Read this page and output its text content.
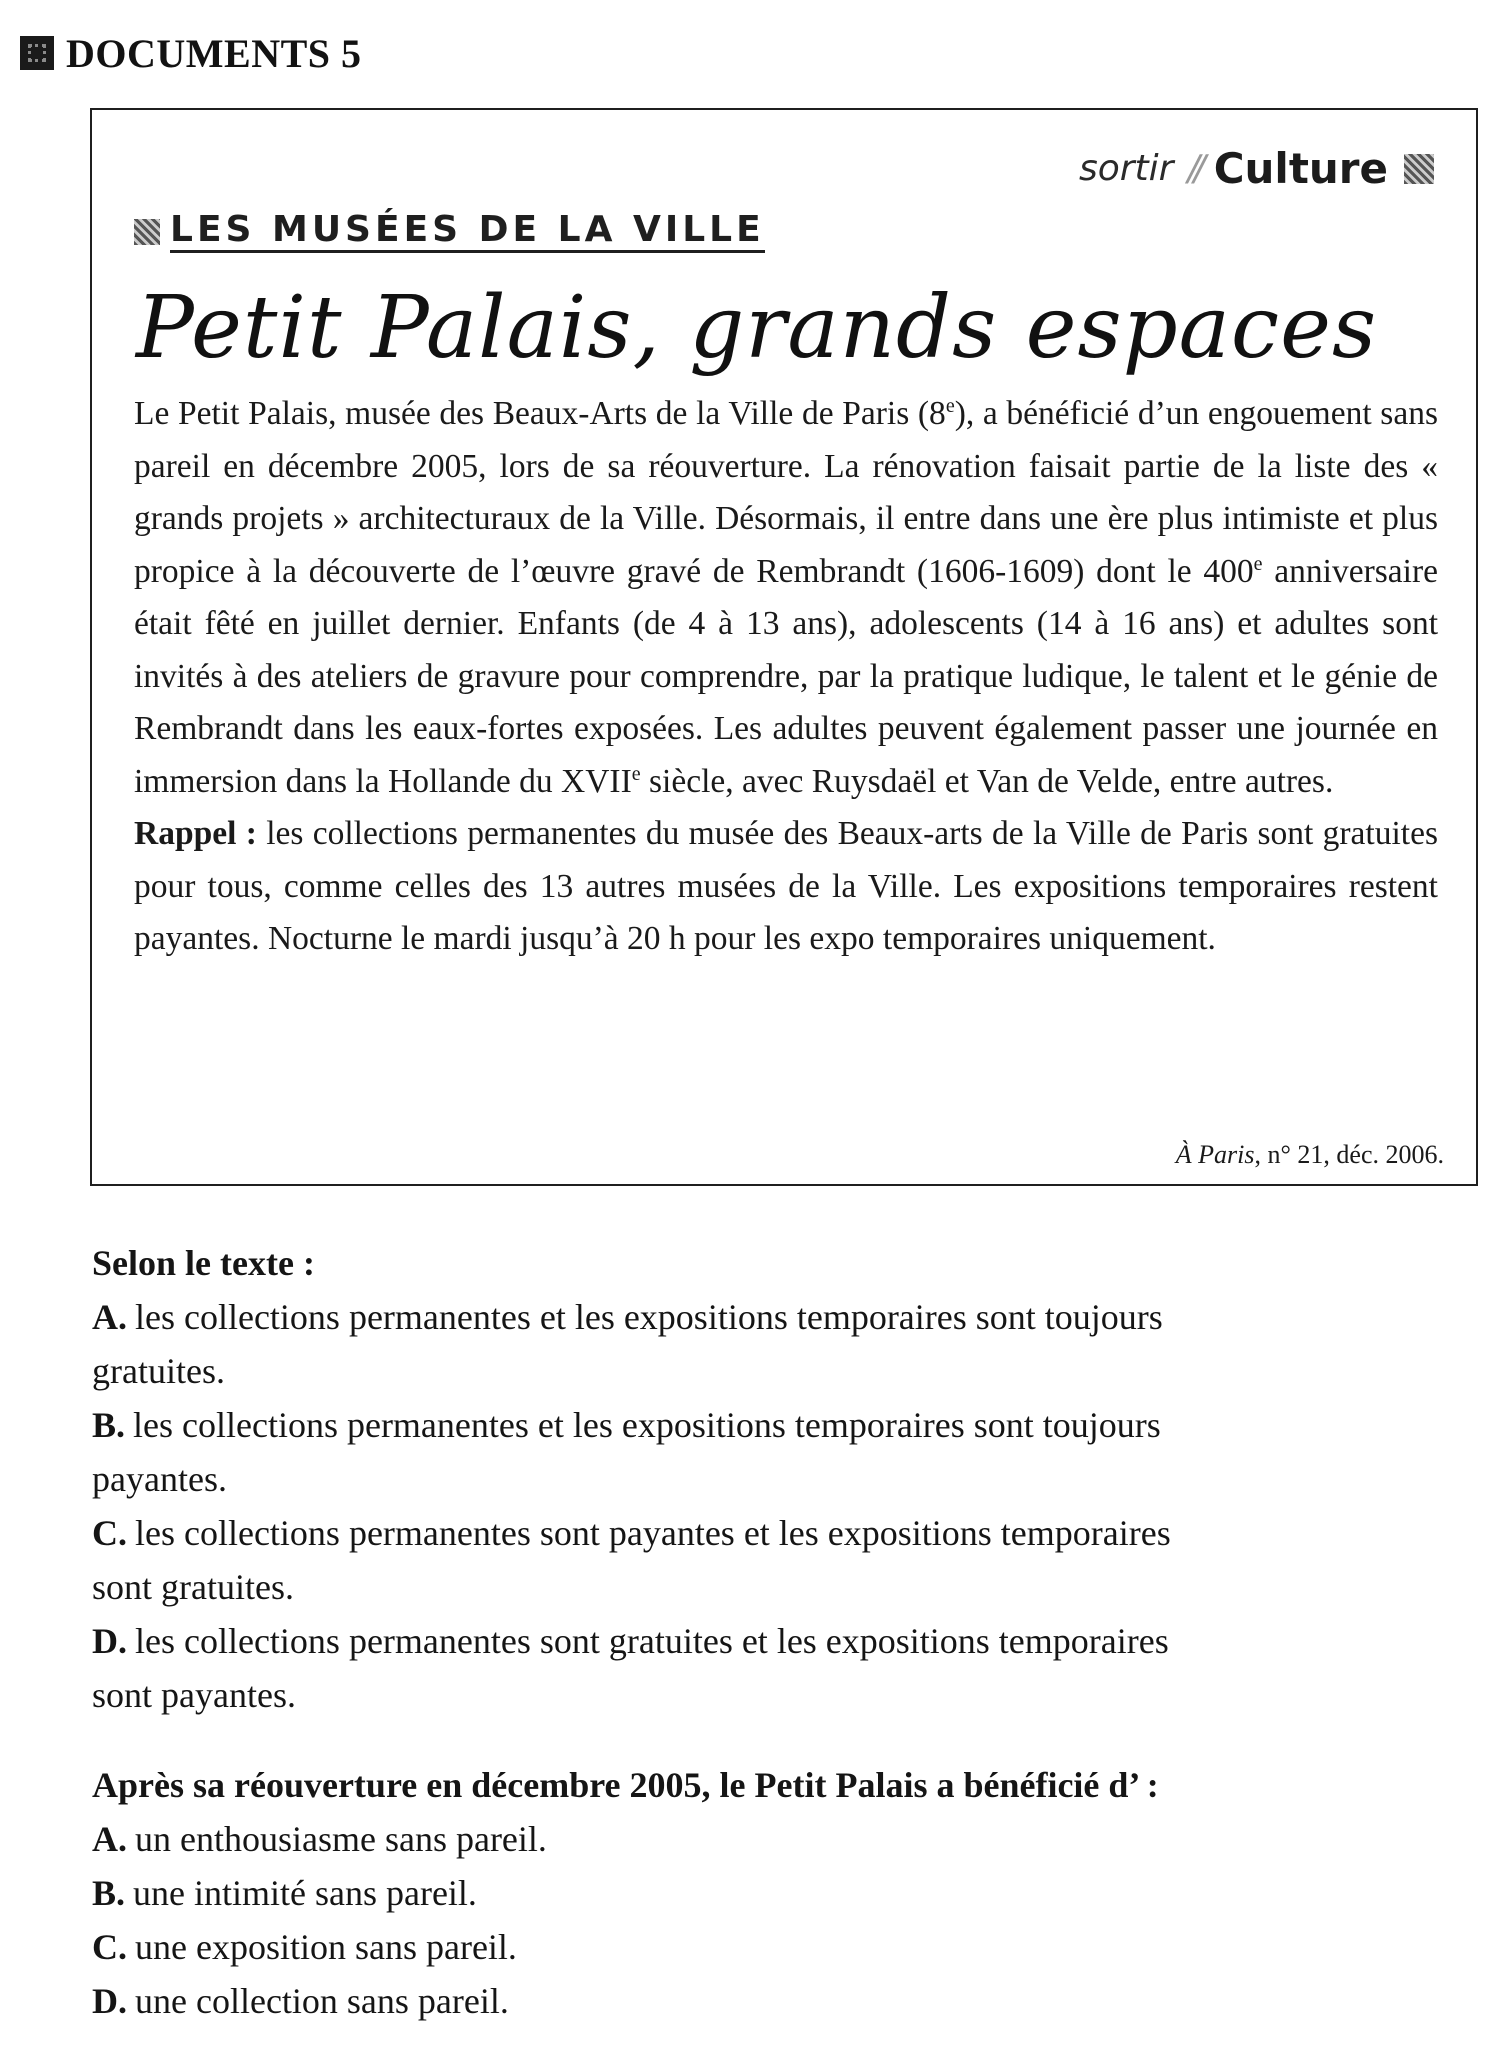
DOCUMENTS 5
sortir // Culture
LES MUSÉES DE LA VILLE
Petit Palais, grands espaces
Le Petit Palais, musée des Beaux-Arts de la Ville de Paris (8e), a bénéficié d’un engouement sans pareil en décembre 2005, lors de sa réouverture. La rénovation faisait partie de la liste des « grands projets » architecturaux de la Ville. Désormais, il entre dans une ère plus intimiste et plus propice à la découverte de l’œuvre gravé de Rembrandt (1606-1609) dont le 400e anniversaire était fêté en juillet dernier. Enfants (de 4 à 13 ans), adolescents (14 à 16 ans) et adultes sont invités à des ateliers de gravure pour comprendre, par la pratique ludique, le talent et le génie de Rembrandt dans les eaux-fortes exposées. Les adultes peuvent également passer une journée en immersion dans la Hollande du XVIIe siècle, avec Ruysdaël et Van de Velde, entre autres.
Rappel : les collections permanentes du musée des Beaux-arts de la Ville de Paris sont gratuites pour tous, comme celles des 13 autres musées de la Ville. Les expositions temporaires restent payantes. Nocturne le mardi jusqu’à 20 h pour les expo temporaires uniquement.
À Paris, n° 21, déc. 2006.
Selon le texte :
A. les collections permanentes et les expositions temporaires sont toujours gratuites.
B. les collections permanentes et les expositions temporaires sont toujours payantes.
C. les collections permanentes sont payantes et les expositions temporaires sont gratuites.
D. les collections permanentes sont gratuites et les expositions temporaires sont payantes.
Après sa réouverture en décembre 2005, le Petit Palais a bénéficié d’ :
A. un enthousiasme sans pareil.
B. une intimité sans pareil.
C. une exposition sans pareil.
D. une collection sans pareil.
